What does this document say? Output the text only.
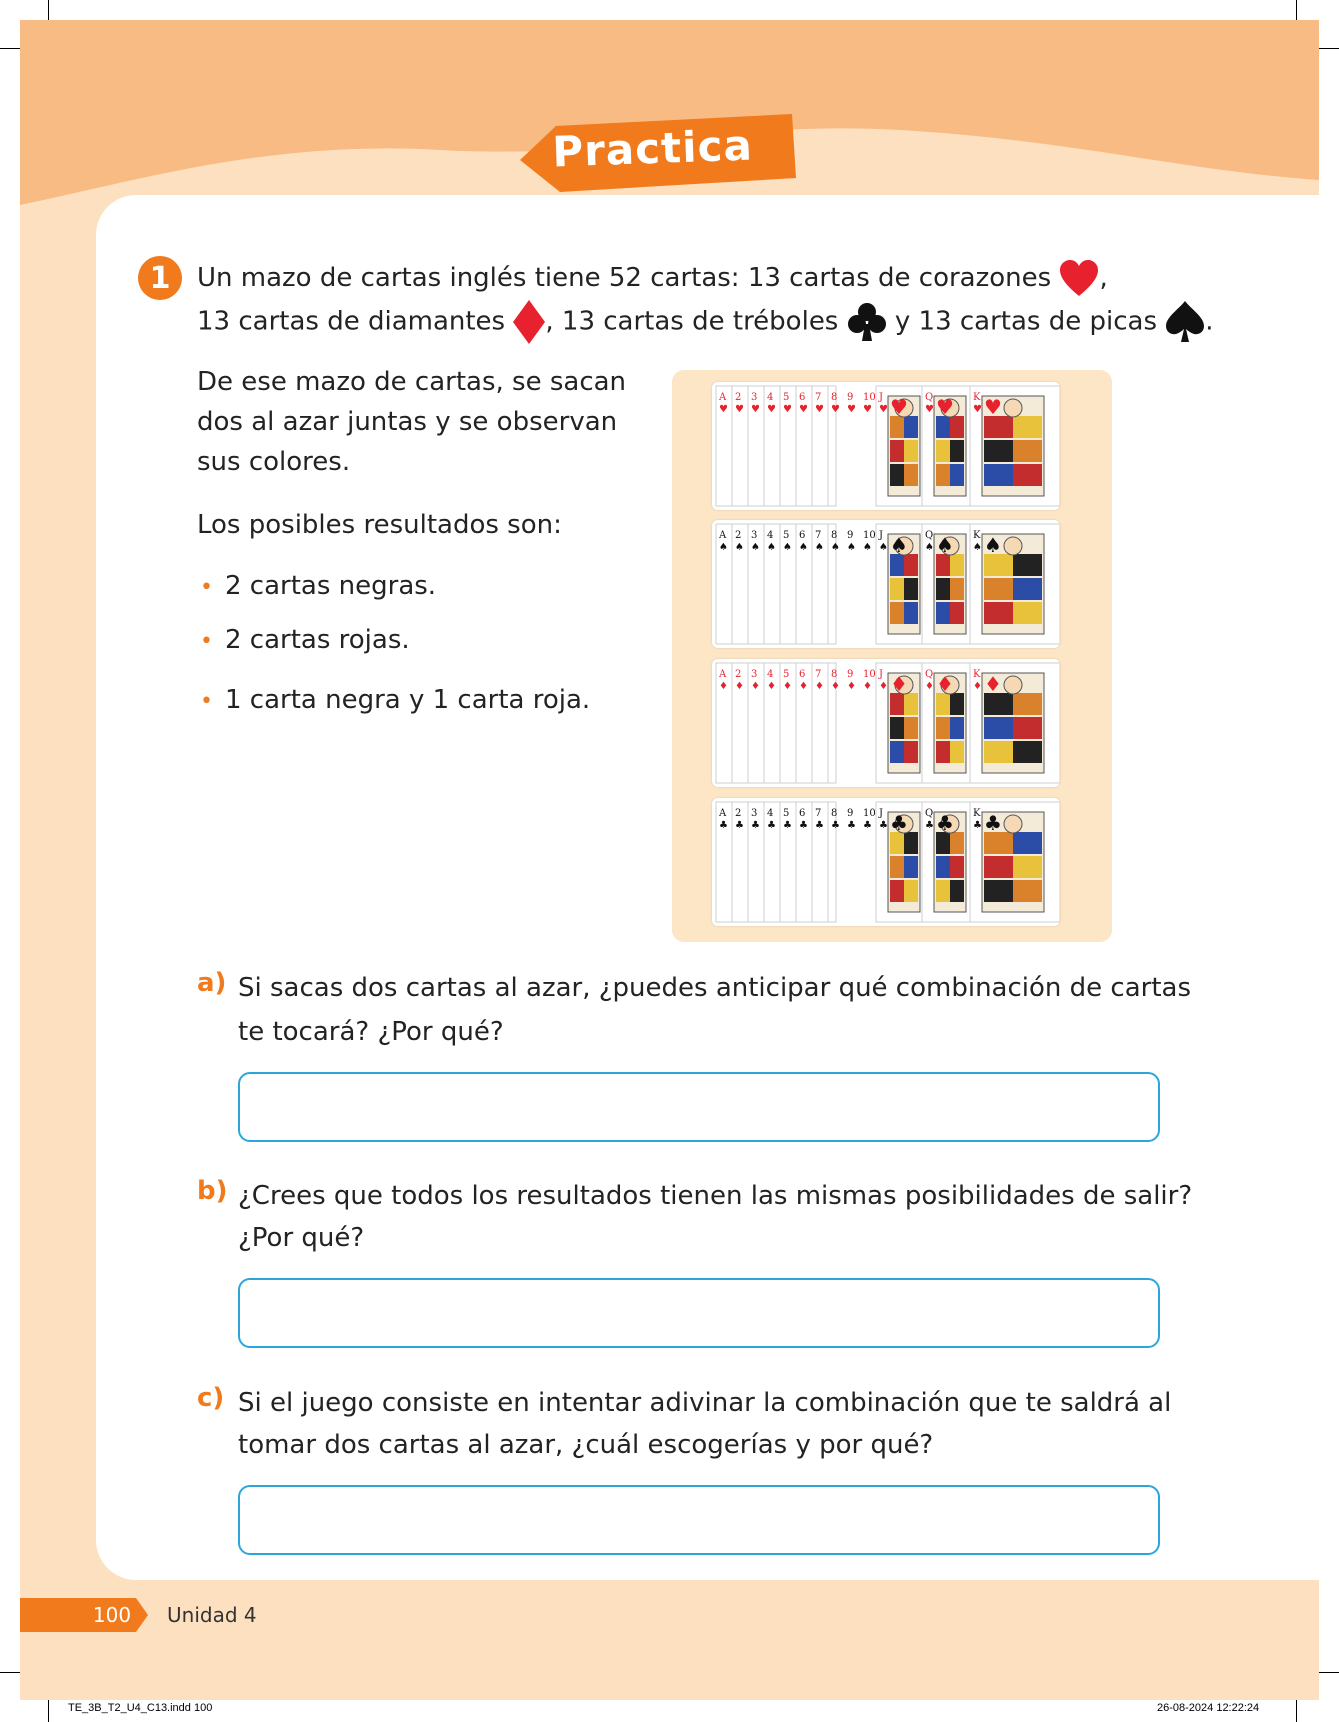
Practica
1	Un mazo de cartas inglés tiene 52 cartas: 13 cartas de corazones ,
13 cartas de diamantes , 13 cartas de tréboles y 13 cartas de picas .
De ese mazo de cartas, se sacan
dos al azar juntas y se observan
sus colores.
Los posibles resultados son:
• 2 cartas negras.
• 2 cartas rojas.
• 1 carta negra y 1 carta roja.
A
♥
2
♥
3
♥
4
♥
5
♥
6
♥
7
♥
8
♥
9
♥
10
♥
J
♥ ♥ Q
♥ ♥ K
♥ ♥
A
♠
2
♠
3
♠
4
♠
5
♠
6
♠
7
♠
8
♠
9
♠
10
♠
J
♠ ♠ Q
♠ ♠ K
♠ ♠
A
♦
2
♦
3
♦
4
♦
5
♦
6
♦
7
♦
8
♦
9
♦
10
♦
J
♦ ♦ Q
♦ ♦ K
♦ ♦
A
♣
2
♣
3
♣
4
♣
5
♣
6
♣
7
♣
8
♣
9
♣
10
♣
J
♣ ♣ Q
♣ ♣ K
♣ ♣
a) Si sacas dos cartas al azar, ¿puedes anticipar qué combinación de cartas
te tocará? ¿Por qué?
b) ¿Crees que todos los resultados tienen las mismas posibilidades de salir?
¿Por qué?
c) Si el juego consiste en intentar adivinar la combinación que te saldrá al
tomar dos cartas al azar, ¿cuál escogerías y por qué?
100	Unidad 4
TE_3B_T2_U4_C13.indd 100	26-08-2024 12:22:24
